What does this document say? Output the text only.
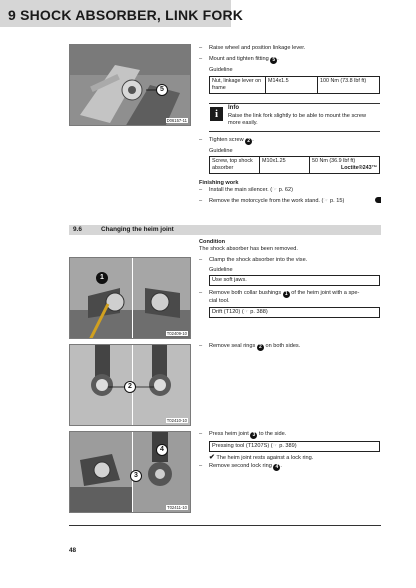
9 SHOCK ABSORBER, LINK FORK
5
D06157-11
– Raise wheel and position linkage lever.
– Mount and tighten fitting 5 .
Guideline
Nut, linkage lever on frame	M14x1.5	100 Nm (73.8 lbf ft)
i	Info
Raise the link fork slightly to be able to mount the screw more easily.
– Tighten screw 2 .
Guideline
Screw, top shock absorber	M10x1.25	50 Nm (36.9 lbf ft)
Loctite®243™
Finishing work
– Install the main silencer. (☞ p. 62)
– Remove the motorcycle from the work stand. (☞ p. 15)
9.6	Changing the heim joint
1
T02409-10
Condition
The shock absorber has been removed.
– Clamp the shock absorber into the vise.
Guideline
Use soft jaws.
– Remove both collar bushings 1 of the heim joint with a spe-
cial tool.
Drift (T120) (☞ p. 388)
2
T02410-10
– Remove seal rings 2 on both sides.
4
3
T02411-10
– Press heim joint 3 to the side.
Pressing tool (T1207S) (☞ p. 389)
✔ The heim joint rests against a lock ring.
– Remove second lock ring 4 .
48
